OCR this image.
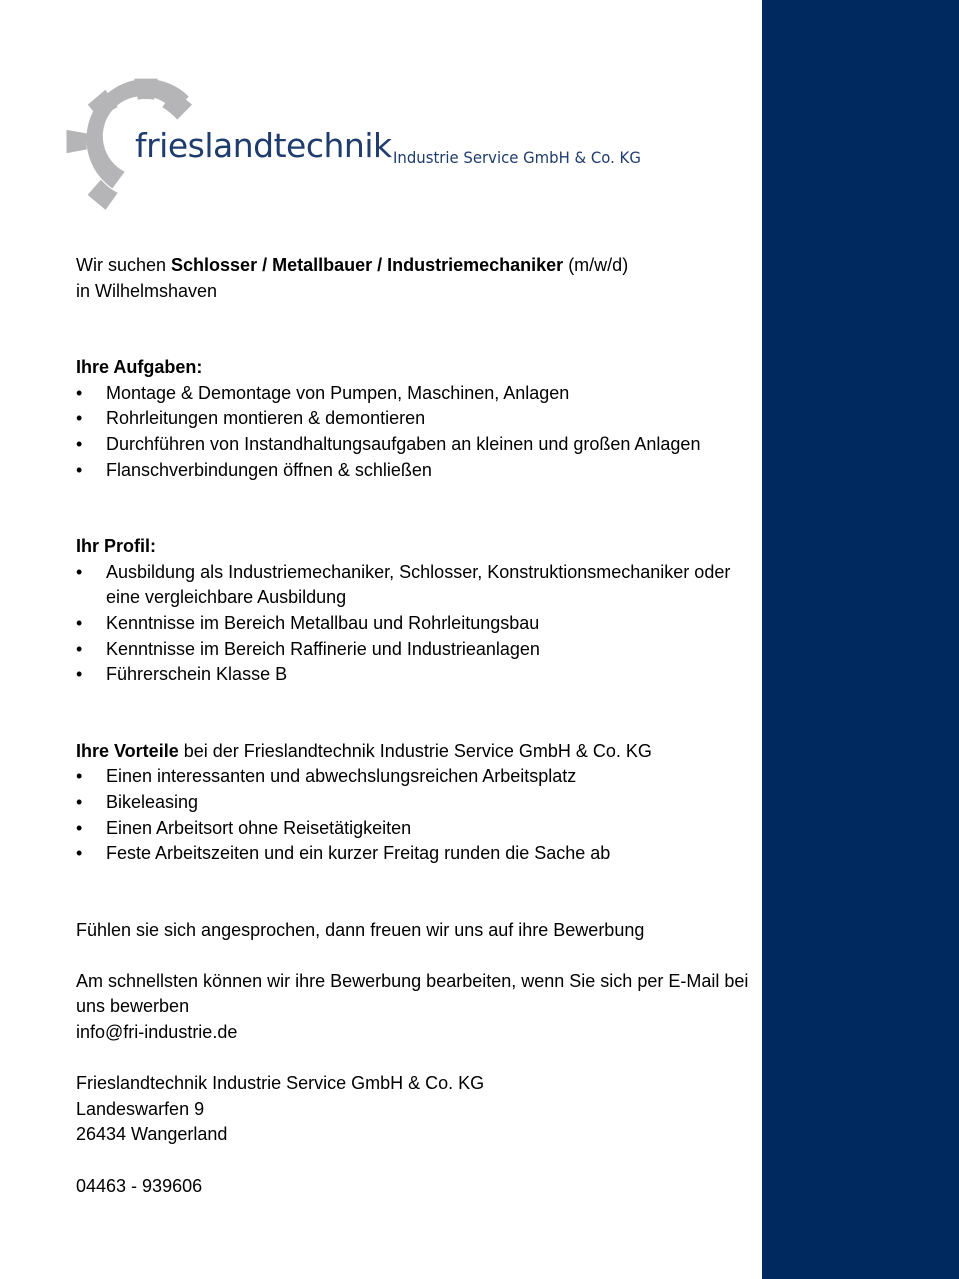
frieslandtechnik Industrie Service GmbH & Co. KG

Wir suchen Schlosser / Metallbauer / Industriemechaniker (m/w/d)

in Wilhelmshaven

Ihre Aufgaben:

• Montage & Demontage von Pumpen, Maschinen, Anlagen
• Rohrleitungen montieren & demontieren
• Durchführen von Instandhaltungsaufgaben an kleinen und großen Anlagen
• Flanschverbindungen öffnen & schließen

Ihr Profil:

• Ausbildung als Industriemechaniker, Schlosser, Konstruktionsmechaniker oder eine vergleichbare Ausbildung
• Kenntnisse im Bereich Metallbau und Rohrleitungsbau
• Kenntnisse im Bereich Raffinerie und Industrieanlagen
• Führerschein Klasse B

Ihre Vorteile bei der Frieslandtechnik Industrie Service GmbH & Co. KG

• Einen interessanten und abwechslungsreichen Arbeitsplatz
• Bikeleasing
• Einen Arbeitsort ohne Reisetätigkeiten
• Feste Arbeitszeiten und ein kurzer Freitag runden die Sache ab

Fühlen sie sich angesprochen, dann freuen wir uns auf ihre Bewerbung

Am schnellsten können wir ihre Bewerbung bearbeiten, wenn Sie sich per E-Mail bei uns bewerben

info@fri-industrie.de

Frieslandtechnik Industrie Service GmbH & Co. KG

Landeswarfen 9

26434 Wangerland

04463 - 939606
